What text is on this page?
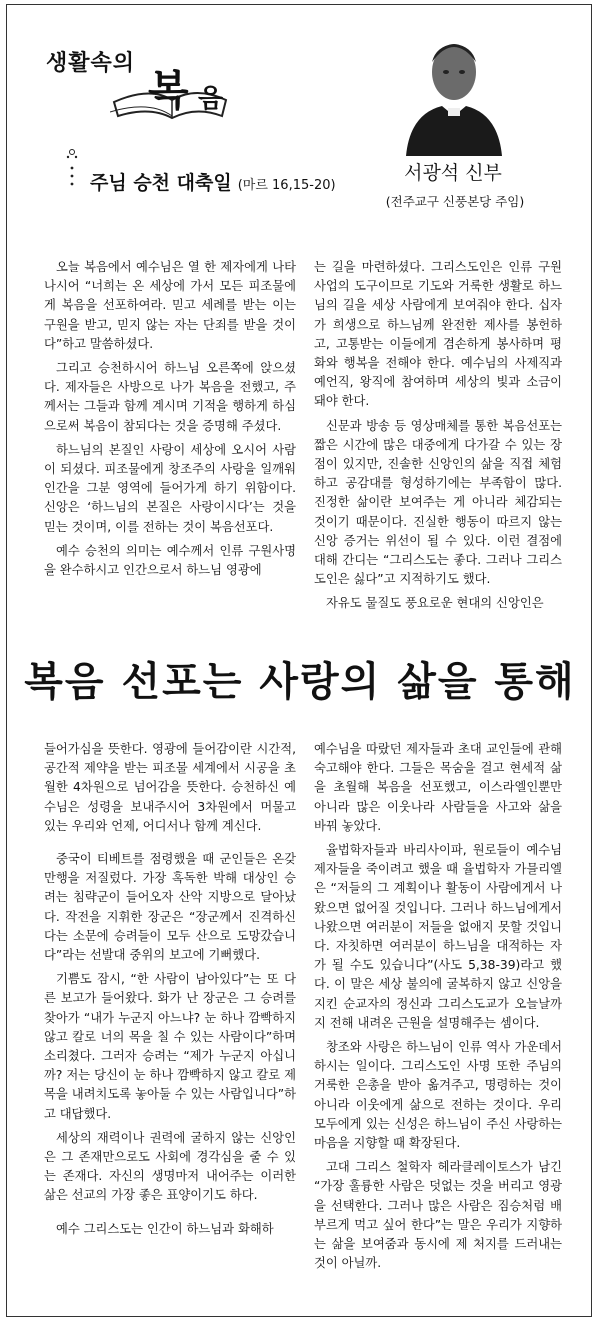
생활속의
복 음
주님 승천 대축일 (마르 16,15-20)
서광석 신부
(전주교구 신풍본당 주임)

오늘 복음에서 예수님은 열 한 제자에게 나타나시어 “너희는 온 세상에 가서 모든 피조물에게 복음을 선포하여라. 믿고 세례를 받는 이는 구원을 받고, 믿지 않는 자는 단죄를 받을 것이다”하고 말씀하셨다.

그리고 승천하시어 하느님 오른쪽에 앉으셨다. 제자들은 사방으로 나가 복음을 전했고, 주께서는 그들과 함께 계시며 기적을 행하게 하심으로써 복음이 참되다는 것을 증명해 주셨다.

하느님의 본질인 사랑이 세상에 오시어 사람이 되셨다. 피조물에게 창조주의 사랑을 일깨워 인간을 그분 영역에 들어가게 하기 위함이다. 신앙은 ‘하느님의 본질은 사랑이시다’는 것을 믿는 것이며, 이를 전하는 것이 복음선포다.

예수 승천의 의미는 예수께서 인류 구원사명을 완수하시고 인간으로서 하느님 영광에

는 길을 마련하셨다. 그리스도인은 인류 구원 사업의 도구이므로 기도와 거룩한 생활로 하느님의 길을 세상 사람에게 보여줘야 한다. 십자가 희생으로 하느님께 완전한 제사를 봉헌하고, 고통받는 이들에게 겸손하게 봉사하며 평화와 행복을 전해야 한다. 예수님의 사제직과 예언직, 왕직에 참여하며 세상의 빛과 소금이 돼야 한다.

신문과 방송 등 영상매체를 통한 복음선포는 짧은 시간에 많은 대중에게 다가갈 수 있는 장점이 있지만, 진솔한 신앙인의 삶을 직접 체험하고 공감대를 형성하기에는 부족함이 많다. 진정한 삶이란 보여주는 게 아니라 체감되는 것이기 때문이다. 진실한 행동이 따르지 않는 신앙 증거는 위선이 될 수 있다. 이런 결점에 대해 간디는 “그리스도는 좋다. 그러나 그리스도인은 싫다”고 지적하기도 했다.

자유도 물질도 풍요로운 현대의 신앙인은

복음 선포는 사랑의 삶을 통해

들어가심을 뜻한다. 영광에 들어감이란 시간적, 공간적 제약을 받는 피조물 세계에서 시공을 초월한 4차원으로 넘어감을 뜻한다. 승천하신 예수님은 성령을 보내주시어 3차원에서 머물고 있는 우리와 언제, 어디서나 함께 계신다.

중국이 티베트를 점령했을 때 군인들은 온갖 만행을 저질렀다. 가장 혹독한 박해 대상인 승려는 침략군이 들어오자 산악 지방으로 달아났다. 작전을 지휘한 장군은 “장군께서 진격하신다는 소문에 승려들이 모두 산으로 도망갔습니다”라는 선발대 중위의 보고에 기뻐했다.

기쁨도 잠시, “한 사람이 남아있다”는 또 다른 보고가 들어왔다. 화가 난 장군은 그 승려를 찾아가 “내가 누군지 아느냐? 눈 하나 깜빡하지 않고 칼로 너의 목을 칠 수 있는 사람이다”하며 소리쳤다. 그러자 승려는 “제가 누군지 아십니까? 저는 당신이 눈 하나 깜빡하지 않고 칼로 제 목을 내려치도록 놓아둘 수 있는 사람입니다”하고 대답했다.

세상의 재력이나 권력에 굴하지 않는 신앙인은 그 존재만으로도 사회에 경각심을 줄 수 있는 존재다. 자신의 생명마저 내어주는 이러한 삶은 선교의 가장 좋은 표양이기도 하다.

예수 그리스도는 인간이 하느님과 화해하

예수님을 따랐던 제자들과 초대 교인들에 관해 숙고해야 한다. 그들은 목숨을 걸고 현세적 삶을 초월해 복음을 선포했고, 이스라엘인뿐만 아니라 많은 이웃나라 사람들을 사고와 삶을 바꿔 놓았다.

율법학자들과 바리사이파, 원로들이 예수님 제자들을 죽이려고 했을 때 율법학자 가믈리엘은 “저들의 그 계획이나 활동이 사람에게서 나왔으면 없어질 것입니다. 그러나 하느님에게서 나왔으면 여러분이 저들을 없애지 못할 것입니다. 자칫하면 여러분이 하느님을 대적하는 자가 될 수도 있습니다”(사도 5,38-39)라고 했다. 이 말은 세상 불의에 굴복하지 않고 신앙을 지킨 순교자의 정신과 그리스도교가 오늘날까지 전해 내려온 근원을 설명해주는 셈이다.

창조와 사랑은 하느님이 인류 역사 가운데서 하시는 일이다. 그리스도인 사명 또한 주님의 거룩한 은총을 받아 옮겨주고, 명령하는 것이 아니라 이웃에게 삶으로 전하는 것이다. 우리 모두에게 있는 신성은 하느님이 주신 사랑하는 마음을 지향할 때 확장된다.

고대 그리스 철학자 헤라클레이토스가 남긴 “가장 훌륭한 사람은 덧없는 것을 버리고 영광을 선택한다. 그러나 많은 사람은 짐승처럼 배부르게 먹고 싶어 한다”는 말은 우리가 지향하는 삶을 보여줌과 동시에 제 처지를 드러내는 것이 아닐까.
